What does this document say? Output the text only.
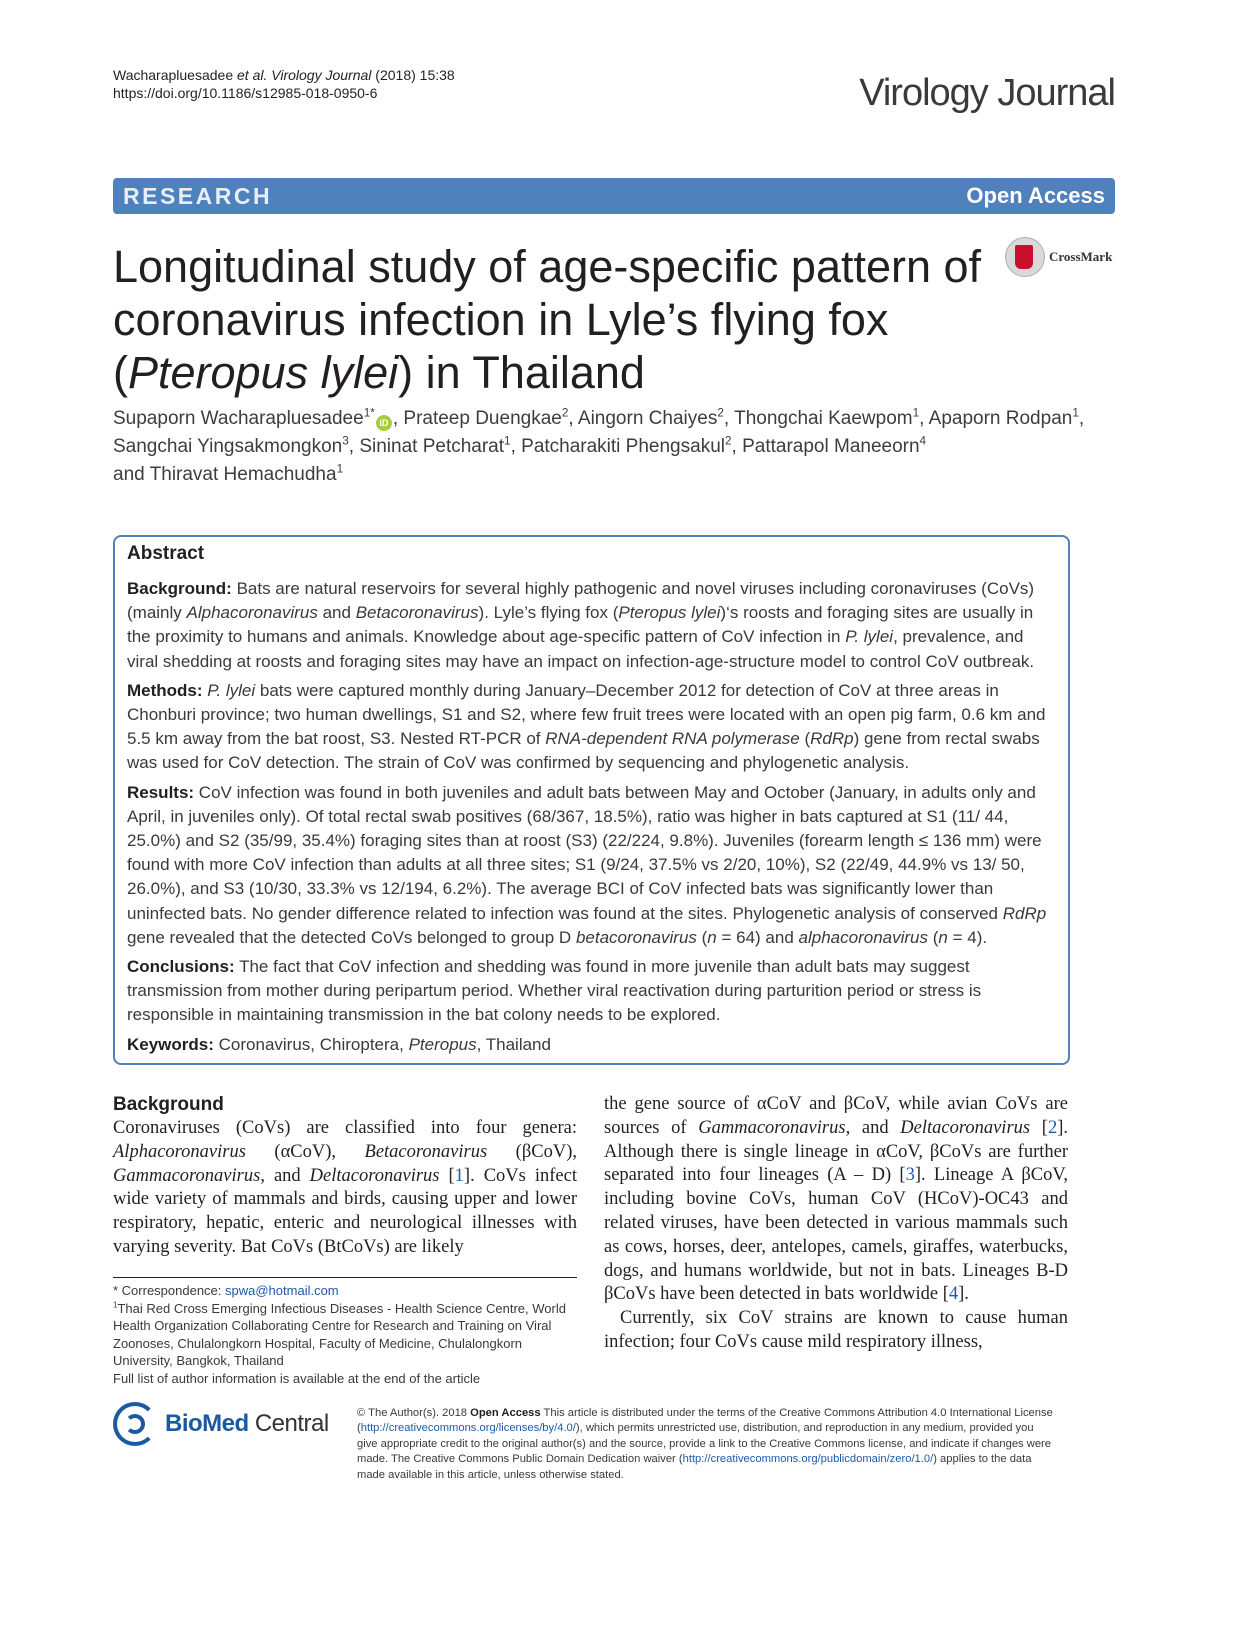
Wacharapluesadee et al. Virology Journal (2018) 15:38
https://doi.org/10.1186/s12985-018-0950-6	Virology Journal
RESEARCH	Open Access
CrossMark
Longitudinal study of age-specific pattern of coronavirus infection in Lyle’s flying fox (Pteropus lylei) in Thailand
Supaporn Wacharapluesadee$^{1*}$iD , Prateep Duengkae$^2$, Aingorn Chaiyes$^2$, Thongchai Kaewpom$^1$, Apaporn Rodpan$^1$,
Sangchai Yingsakmongkon$^3$, Sininat Petcharat$^1$, Patcharakiti Phengsakul$^2$, Pattarapol Maneeorn$^4$
and Thiravat Hemachudha$^1$
Abstract

Background: Bats are natural reservoirs for several highly pathogenic and novel viruses including coronaviruses (CoVs) (mainly Alphacoronavirus and Betacoronavirus). Lyle’s flying fox (Pteropus lylei)‘s roosts and foraging sites are usually in the proximity to humans and animals. Knowledge about age-specific pattern of CoV infection in P. lylei, prevalence, and viral shedding at roosts and foraging sites may have an impact on infection-age-structure model to control CoV outbreak.

Methods: P. lylei bats were captured monthly during January–December 2012 for detection of CoV at three areas in Chonburi province; two human dwellings, S1 and S2, where few fruit trees were located with an open pig farm, 0.6 km and 5.5 km away from the bat roost, S3. Nested RT-PCR of RNA-dependent RNA polymerase (RdRp) gene from rectal swabs was used for CoV detection. The strain of CoV was confirmed by sequencing and phylogenetic analysis.

Results: CoV infection was found in both juveniles and adult bats between May and October (January, in adults only and April, in juveniles only). Of total rectal swab positives (68/367, 18.5%), ratio was higher in bats captured at S1 (11/ 44, 25.0%) and S2 (35/99, 35.4%) foraging sites than at roost (S3) (22/224, 9.8%). Juveniles (forearm length ≤ 136 mm) were found with more CoV infection than adults at all three sites; S1 (9/24, 37.5% vs 2/20, 10%), S2 (22/49, 44.9% vs 13/ 50, 26.0%), and S3 (10/30, 33.3% vs 12/194, 6.2%). The average BCI of CoV infected bats was significantly lower than uninfected bats. No gender difference related to infection was found at the sites. Phylogenetic analysis of conserved RdRp gene revealed that the detected CoVs belonged to group D betacoronavirus (n = 64) and alphacoronavirus (n = 4).

Conclusions: The fact that CoV infection and shedding was found in more juvenile than adult bats may suggest transmission from mother during peripartum period. Whether viral reactivation during parturition period or stress is responsible in maintaining transmission in the bat colony needs to be explored.

Keywords: Coronavirus, Chiroptera, Pteropus, Thailand

Background

Coronaviruses (CoVs) are classified into four genera: Alphacoronavirus (αCoV), Betacoronavirus (βCoV), Gammacoronavirus, and Deltacoronavirus [1]. CoVs infect wide variety of mammals and birds, causing upper and lower respiratory, hepatic, enteric and neurological illnesses with varying severity. Bat CoVs (BtCoVs) are likely

the gene source of αCoV and βCoV, while avian CoVs are sources of Gammacoronavirus, and Deltacoronavirus [2]. Although there is single lineage in αCoV, βCoVs are further separated into four lineages (A – D) [3]. Lineage A βCoV, including bovine CoVs, human CoV (HCoV)-OC43 and related viruses, have been detected in various mammals such as cows, horses, deer, antelopes, camels, giraffes, waterbucks, dogs, and humans worldwide, but not in bats. Lineages B-D βCoVs have been detected in bats worldwide [4].

Currently, six CoV strains are known to cause human infection; four CoVs cause mild respiratory illness,

* Correspondence: spwa@hotmail.com
$^1$Thai Red Cross Emerging Infectious Diseases - Health Science Centre, World Health Organization Collaborating Centre for Research and Training on Viral Zoonoses, Chulalongkorn Hospital, Faculty of Medicine, Chulalongkorn University, Bangkok, Thailand
Full list of author information is available at the end of the article
BioMed Central	© The Author(s). 2018 Open Access This article is distributed under the terms of the Creative Commons Attribution 4.0 International License (http://creativecommons.org/licenses/by/4.0/), which permits unrestricted use, distribution, and reproduction in any medium, provided you give appropriate credit to the original author(s) and the source, provide a link to the Creative Commons license, and indicate if changes were made. The Creative Commons Public Domain Dedication waiver (http://creativecommons.org/publicdomain/zero/1.0/) applies to the data made available in this article, unless otherwise stated.
